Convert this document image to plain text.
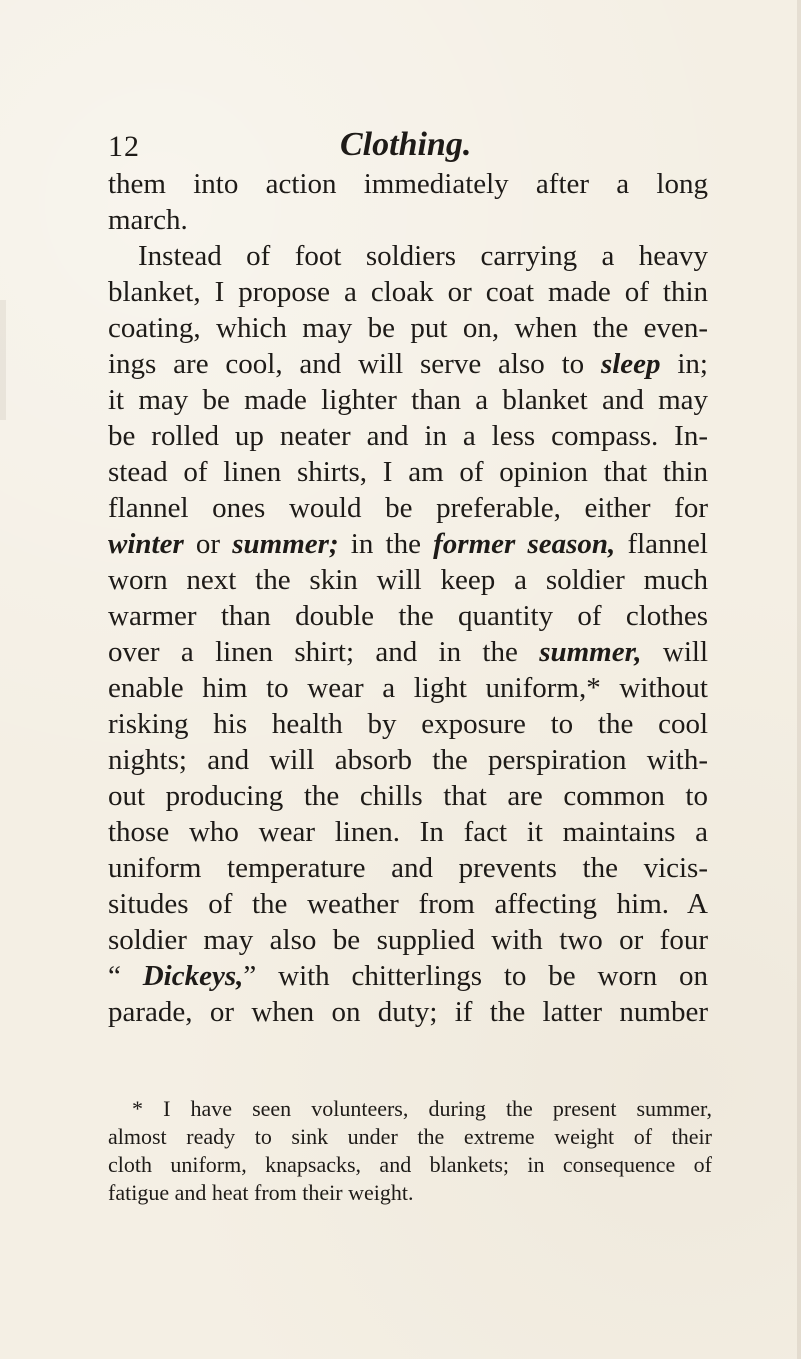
12	Clothing.
them into action immediately after a long
march.
Instead of foot soldiers carrying a heavy
blanket, I propose a cloak or coat made of thin
coating, which may be put on, when the even-
ings are cool, and will serve also to sleep in;
it may be made lighter than a blanket and may
be rolled up neater and in a less compass. In-
stead of linen shirts, I am of opinion that thin
flannel ones would be preferable, either for
winter or summer; in the former season, flannel
worn next the skin will keep a soldier much
warmer than double the quantity of clothes
over a linen shirt; and in the summer, will
enable him to wear a light uniform,* without
risking his health by exposure to the cool
nights; and will absorb the perspiration with-
out producing the chills that are common to
those who wear linen. In fact it maintains a
uniform temperature and prevents the vicis-
situdes of the weather from affecting him. A
soldier may also be supplied with two or four
“ Dickeys,” with chitterlings to be worn on
parade, or when on duty; if the latter number
* I have seen volunteers, during the present summer,
almost ready to sink under the extreme weight of their
cloth uniform, knapsacks, and blankets; in consequence of
fatigue and heat from their weight.
